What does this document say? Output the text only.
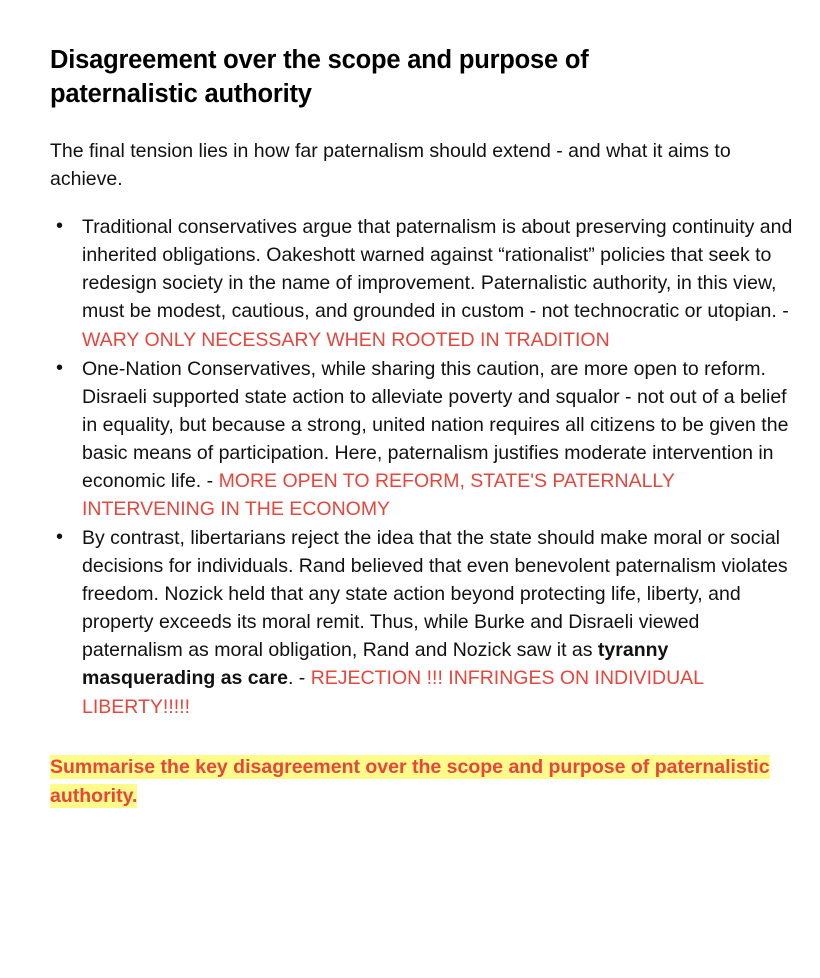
Disagreement over the scope and purpose of paternalistic authority

The final tension lies in how far paternalism should extend - and what it aims to achieve.

• Traditional conservatives argue that paternalism is about preserving continuity and inherited obligations. Oakeshott warned against “rationalist” policies that seek to redesign society in the name of improvement. Paternalistic authority, in this view, must be modest, cautious, and grounded in custom - not technocratic or utopian. - WARY ONLY NECESSARY WHEN ROOTED IN TRADITION
• One-Nation Conservatives, while sharing this caution, are more open to reform. Disraeli supported state action to alleviate poverty and squalor - not out of a belief in equality, but because a strong, united nation requires all citizens to be given the basic means of participation. Here, paternalism justifies moderate intervention in economic life. - MORE OPEN TO REFORM, STATE'S PATERNALLY INTERVENING IN THE ECONOMY
• By contrast, libertarians reject the idea that the state should make moral or social decisions for individuals. Rand believed that even benevolent paternalism violates freedom. Nozick held that any state action beyond protecting life, liberty, and property exceeds its moral remit. Thus, while Burke and Disraeli viewed paternalism as moral obligation, Rand and Nozick saw it as tyranny masquerading as care. - REJECTION !!! INFRINGES ON INDIVIDUAL LIBERTY!!!!!
Summarise the key disagreement over the scope and purpose of paternalistic authority.
